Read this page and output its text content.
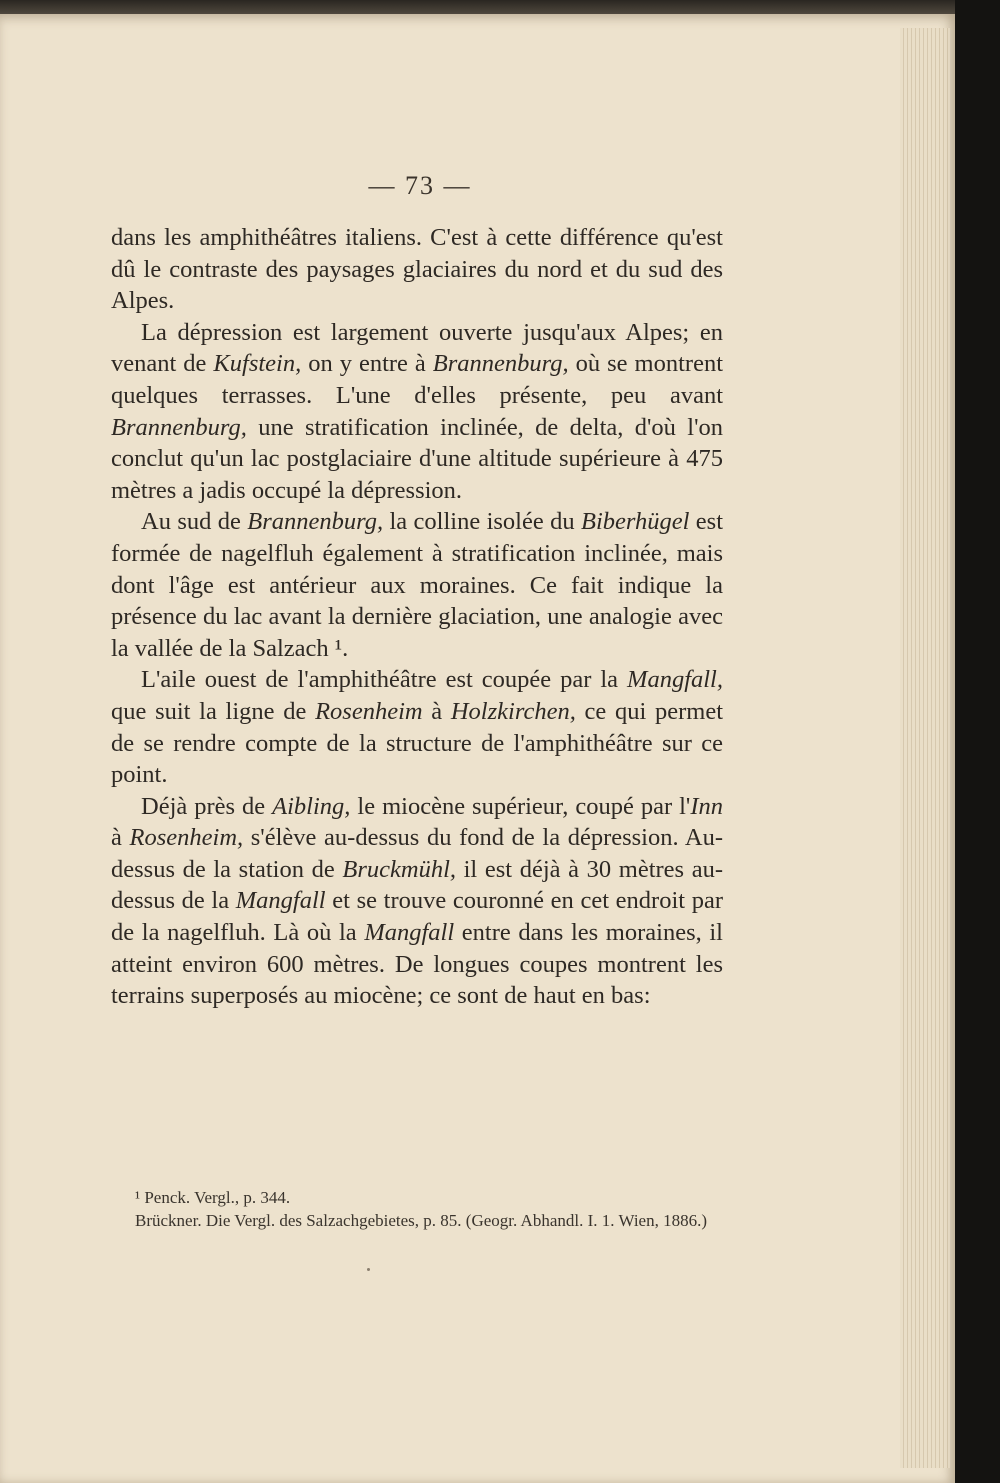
— 73 —

dans les amphithéâtres italiens. C'est à cette différence qu'est dû le contraste des paysages glaciaires du nord et du sud des Alpes.

La dépression est largement ouverte jusqu'aux Alpes; en venant de Kufstein, on y entre à Brannenburg, où se montrent quelques terrasses. L'une d'elles présente, peu avant Brannenburg, une stratification inclinée, de delta, d'où l'on conclut qu'un lac postglaciaire d'une altitude supérieure à 475 mètres a jadis occupé la dépression.

Au sud de Brannenburg, la colline isolée du Biberhügel est formée de nagelfluh également à stratification inclinée, mais dont l'âge est antérieur aux moraines. Ce fait indique la présence du lac avant la dernière glaciation, une analogie avec la vallée de la Salzach ¹.

L'aile ouest de l'amphithéâtre est coupée par la Mangfall, que suit la ligne de Rosenheim à Holzkirchen, ce qui permet de se rendre compte de la structure de l'amphithéâtre sur ce point.

Déjà près de Aibling, le miocène supérieur, coupé par l'Inn à Rosenheim, s'élève au-dessus du fond de la dépression. Au-dessus de la station de Bruckmühl, il est déjà à 30 mètres au-dessus de la Mangfall et se trouve couronné en cet endroit par de la nagelfluh. Là où la Mangfall entre dans les moraines, il atteint environ 600 mètres. De longues coupes montrent les terrains superposés au miocène; ce sont de haut en bas:

¹ Penck. Vergl., p. 344.

Brückner. Die Vergl. des Salzachgebietes, p. 85. (Geogr. Abhandl. I. 1. Wien, 1886.)
